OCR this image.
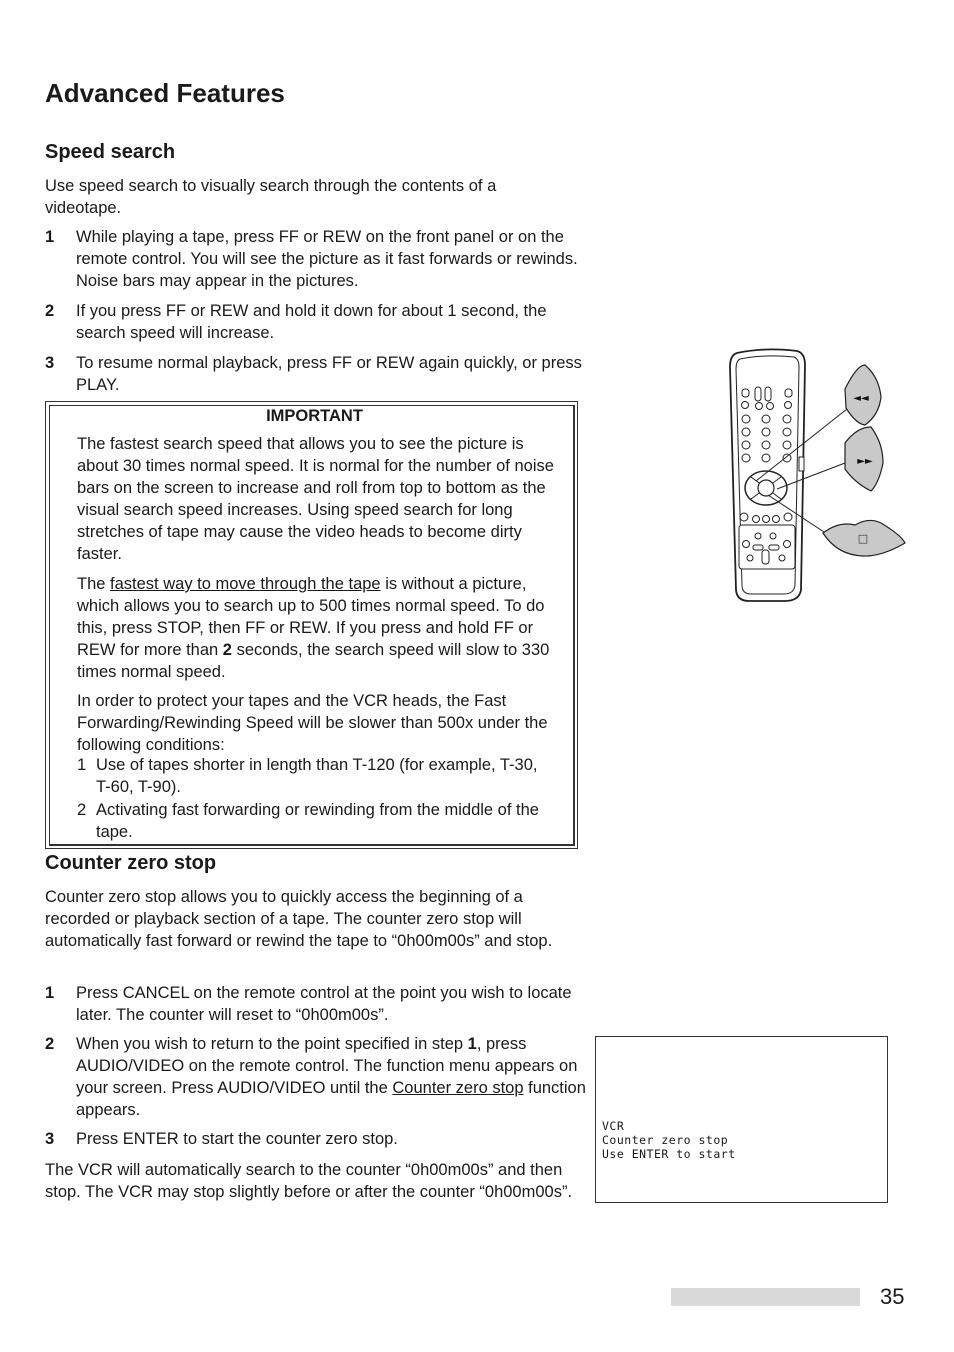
Advanced Features
Speed search

Use speed search to visually search through the contents of a videotape.

1 While playing a tape, press FF or REW on the front panel or on the remote control. You will see the picture as it fast forwards or rewinds. Noise bars may appear in the pictures.
2 If you press FF or REW and hold it down for about 1 second, the search speed will increase.
3 To resume normal playback, press FF or REW again quickly, or press PLAY.
IMPORTANT
The fastest search speed that allows you to see the picture is about 30 times normal speed. It is normal for the number of noise bars on the screen to increase and roll from top to bottom as the visual search speed increases. Using speed search for long stretches of tape may cause the video heads to become dirty faster.
The fastest way to move through the tape is without a picture, which allows you to search up to 500 times normal speed. To do this, press STOP, then FF or REW. If you press and hold FF or REW for more than 2 seconds, the search speed will slow to 330 times normal speed.
In order to protect your tapes and the VCR heads, the Fast Forwarding/Rewinding Speed will be slower than 500x under the following conditions:
1 Use of tapes shorter in length than T-120 (for example, T-30, T-60, T-90).
2 Activating fast forwarding or rewinding from the middle of the tape.
Counter zero stop

Counter zero stop allows you to quickly access the beginning of a recorded or playback section of a tape. The counter zero stop will automatically fast forward or rewind the tape to “0h00m00s” and stop.

1 Press CANCEL on the remote control at the point you wish to locate later. The counter will reset to “0h00m00s”.
2 When you wish to return to the point specified in step 1, press AUDIO/VIDEO on the remote control. The function menu appears on your screen. Press AUDIO/VIDEO until the Counter zero stop function appears.
3 Press ENTER to start the counter zero stop.

The VCR will automatically search to the counter “0h00m00s” and then stop. The VCR may stop slightly before or after the counter “0h00m00s”.

◄◄
►►
□
VCR
Counter zero stop
Use ENTER to start
35
